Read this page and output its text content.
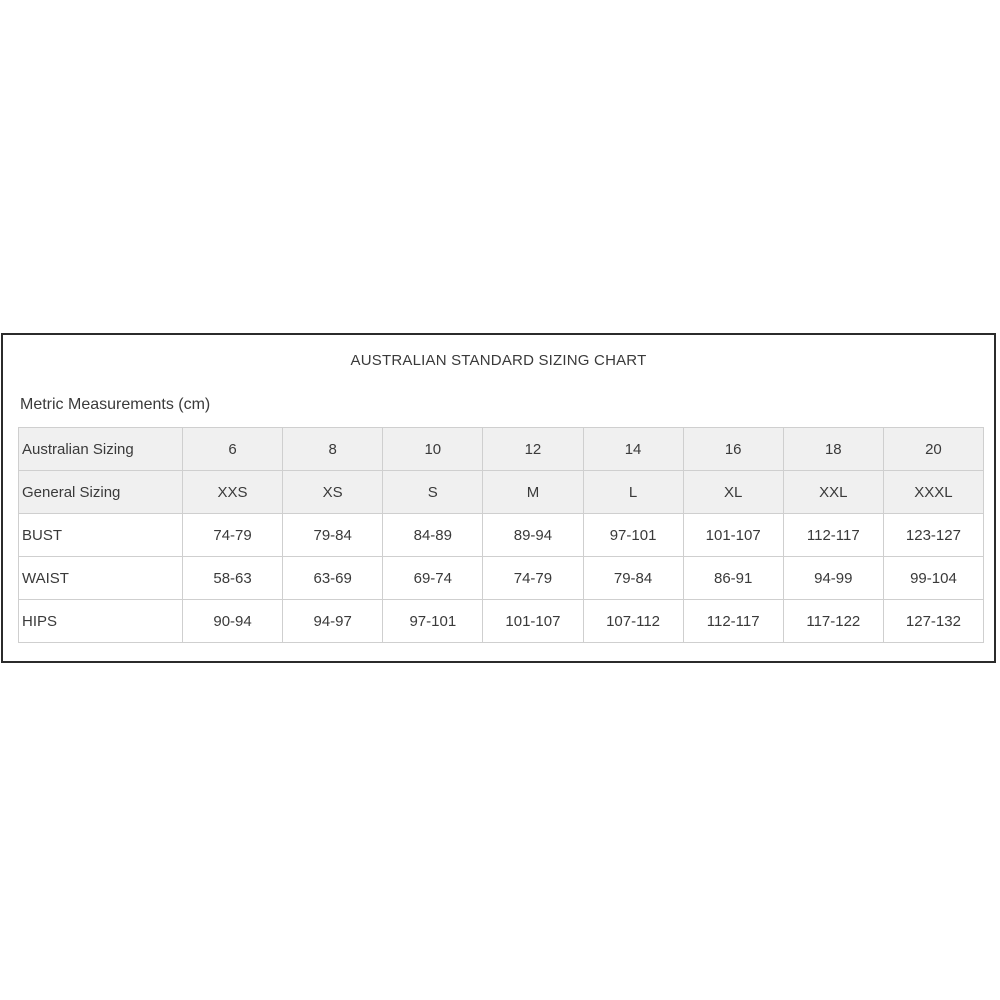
AUSTRALIAN STANDARD SIZING CHART
Metric Measurements (cm)
Australian Sizing	6	8	10	12	14	16	18	20
General Sizing	XXS	XS	S	M	L	XL	XXL	XXXL
BUST	74-79	79-84	84-89	89-94	97-101	101-107	112-117	123-127
WAIST	58-63	63-69	69-74	74-79	79-84	86-91	94-99	99-104
HIPS	90-94	94-97	97-101	101-107	107-112	112-117	117-122	127-132
